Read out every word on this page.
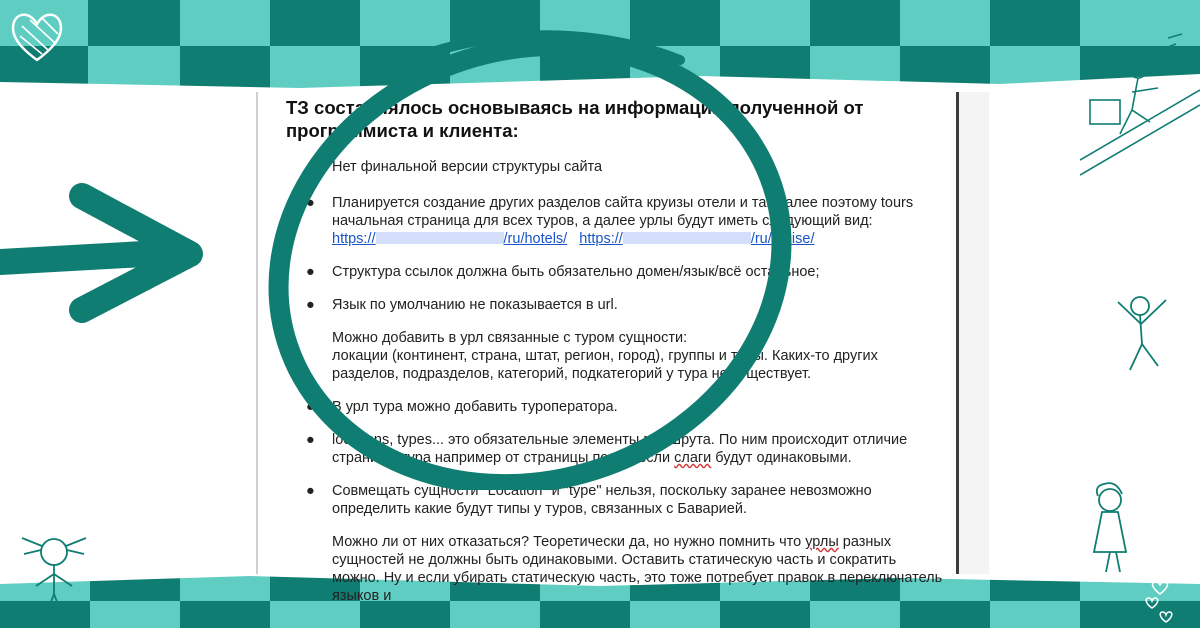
ТЗ составлялось основываясь на информации полученной от программиста и клиента:
● Нет финальной версии структуры сайта
● Планируется создание других разделов сайта круизы отели и так далее поэтому tours начальная страница для всех туров, а далее урлы будут иметь следующий вид:
https://	/ru/hotels/ https://	/ru/cruise/
● Структура ссылок должна быть обязательно домен/язык/всё остальное;
● Язык по умолчанию не показывается в url.
Можно добавить в урл связанные с туром сущности:
локации (континент, страна, штат, регион, город), группы и типы. Каких-то других разделов, подразделов, категорий, подкатегорий у тура не существует.
● В урл тура можно добавить туроператора.
● locations, types... это обязательные элементы маршрута. По ним происходит отличие страницы тура например от страницы поста, если слаги будут одинаковыми.
● Совмещать сущности "Location" и "type" нельзя, поскольку заранее невозможно определить какие будут типы у туров, связанных с Баварией.
Можно ли от них отказаться? Теоретически да, но нужно помнить что урлы разных сущностей не должны быть одинаковыми. Оставить статическую часть и сократить можно. Ну и если убирать статическую часть, это тоже потребует правок в переключатель языков и
